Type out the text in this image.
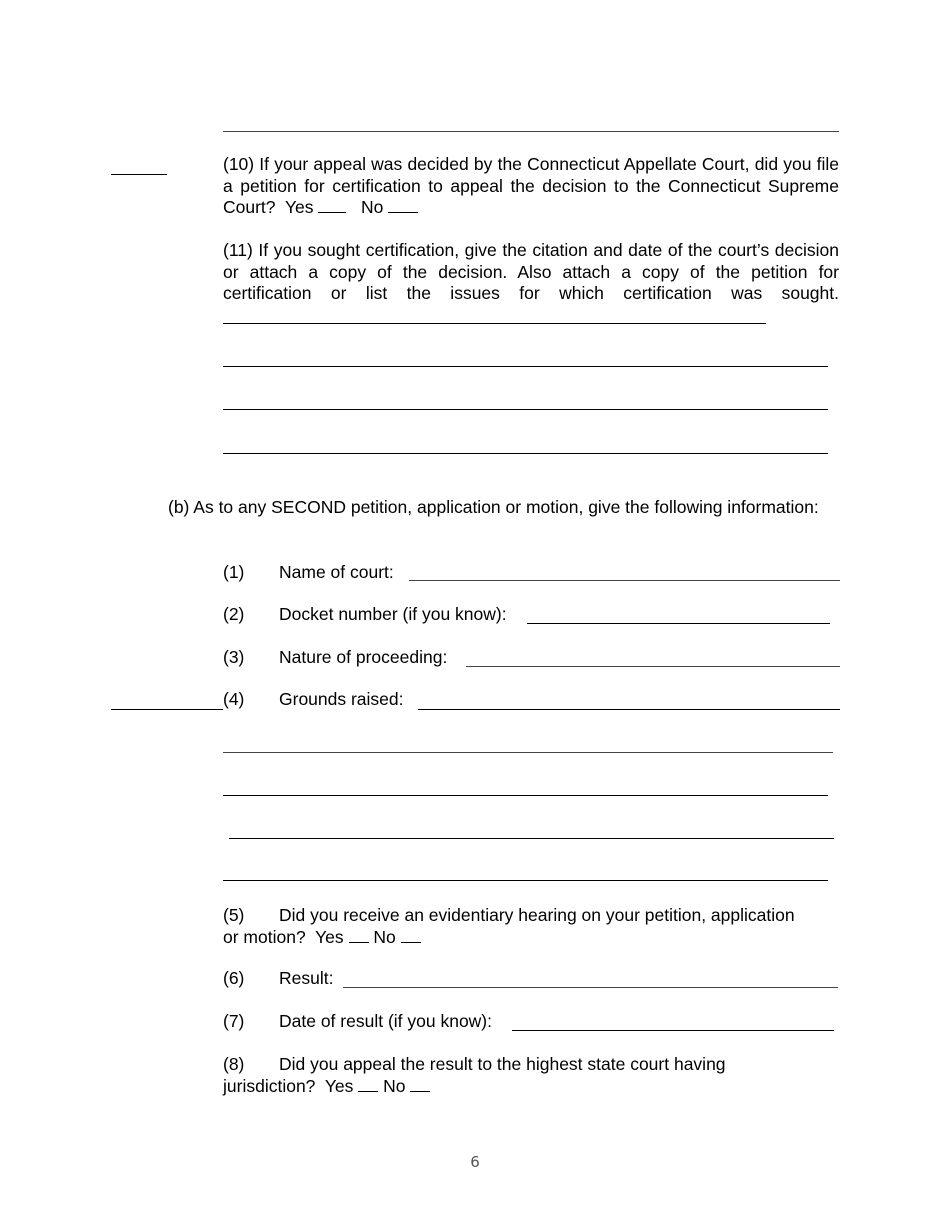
(10) If your appeal was decided by the Connecticut Appellate Court, did you file a petition for certification to appeal the decision to the Connecticut Supreme Court? Yes	No

(11) If you sought certification, give the citation and date of the court’s decision or attach a copy of the decision. Also attach a copy of the petition for certification or list the issues for which certification was sought.

(b) As to any SECOND petition, application or motion, give the following information:

(1) Name of court:
(2) Docket number (if you know):
(3) Nature of proceeding:
(4) Grounds raised:
(5) Did you receive an evidentiary hearing on your petition, application
or motion? Yes No
(6) Result:
(7) Date of result (if you know):
(8) Did you appeal the result to the highest state court having
jurisdiction? Yes No
6
